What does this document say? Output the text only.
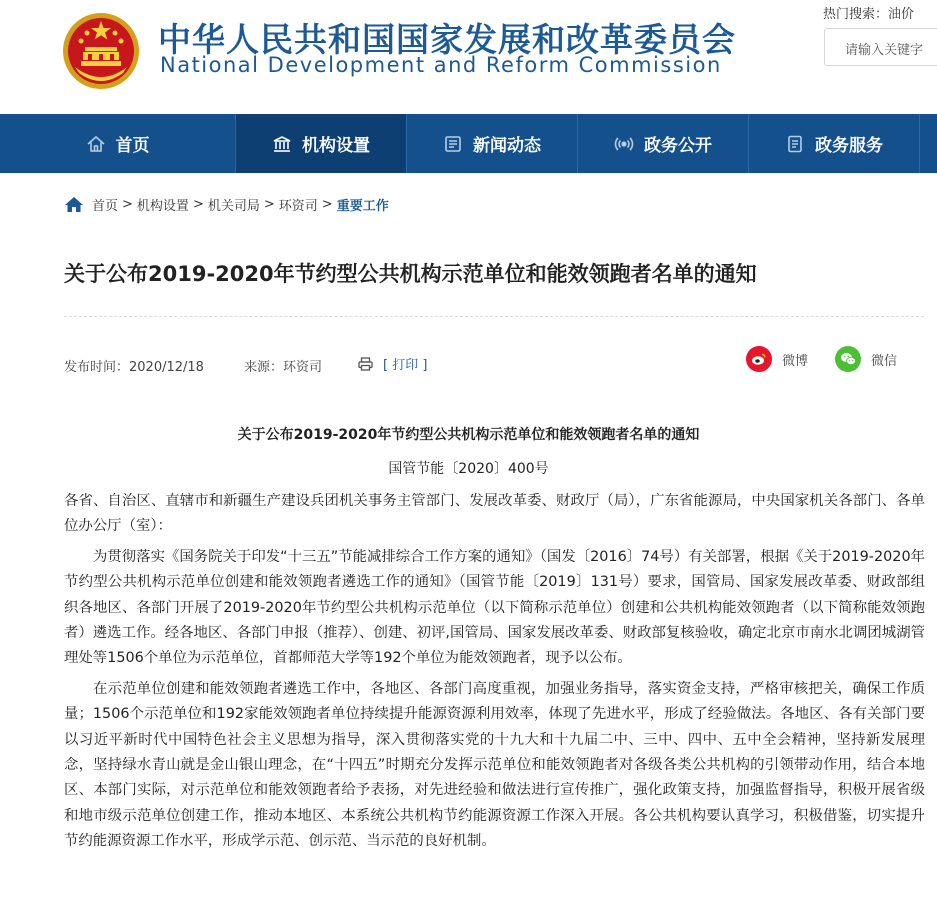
中华人民共和国国家发展和改革委员会
National Development and Reform Commission
热门搜索：油价
请输入关键字
首页	机构设置	新闻动态	政务公开	政务服务
首页 > 机构设置 > 机关司局 > 环资司 > 重要工作
关于公布2019-2020年节约型公共机构示范单位和能效领跑者名单的通知
发布时间：2020/12/18	来源：环资司	[ 打印 ]	微博	微信
关于公布2019-2020年节约型公共机构示范单位和能效领跑者名单的通知
国管节能〔2020〕400号

各省、自治区、直辖市和新疆生产建设兵团机关事务主管部门、发展改革委、财政厅（局），广东省能源局，中央国家机关各部门、各单位办公厅（室）：

为贯彻落实《国务院关于印发“十三五”节能减排综合工作方案的通知》（国发〔2016〕74号）有关部署，根据《关于2019-2020年节约型公共机构示范单位创建和能效领跑者遴选工作的通知》（国管节能〔2019〕131号）要求，国管局、国家发展改革委、财政部组织各地区、各部门开展了2019-2020年节约型公共机构示范单位（以下简称示范单位）创建和公共机构能效领跑者（以下简称能效领跑者）遴选工作。经各地区、各部门申报（推荐）、创建、初评,国管局、国家发展改革委、财政部复核验收，确定北京市南水北调团城湖管理处等1506个单位为示范单位，首都师范大学等192个单位为能效领跑者，现予以公布。

在示范单位创建和能效领跑者遴选工作中，各地区、各部门高度重视，加强业务指导，落实资金支持，严格审核把关，确保工作质量；1506个示范单位和192家能效领跑者单位持续提升能源资源利用效率，体现了先进水平，形成了经验做法。各地区、各有关部门要以习近平新时代中国特色社会主义思想为指导，深入贯彻落实党的十九大和十九届二中、三中、四中、五中全会精神，坚持新发展理念，坚持绿水青山就是金山银山理念，在“十四五”时期充分发挥示范单位和能效领跑者对各级各类公共机构的引领带动作用，结合本地区、本部门实际，对示范单位和能效领跑者给予表扬，对先进经验和做法进行宣传推广，强化政策支持，加强监督指导，积极开展省级和地市级示范单位创建工作，推动本地区、本系统公共机构节约能源资源工作深入开展。各公共机构要认真学习，积极借鉴，切实提升节约能源资源工作水平，形成学示范、创示范、当示范的良好机制。
